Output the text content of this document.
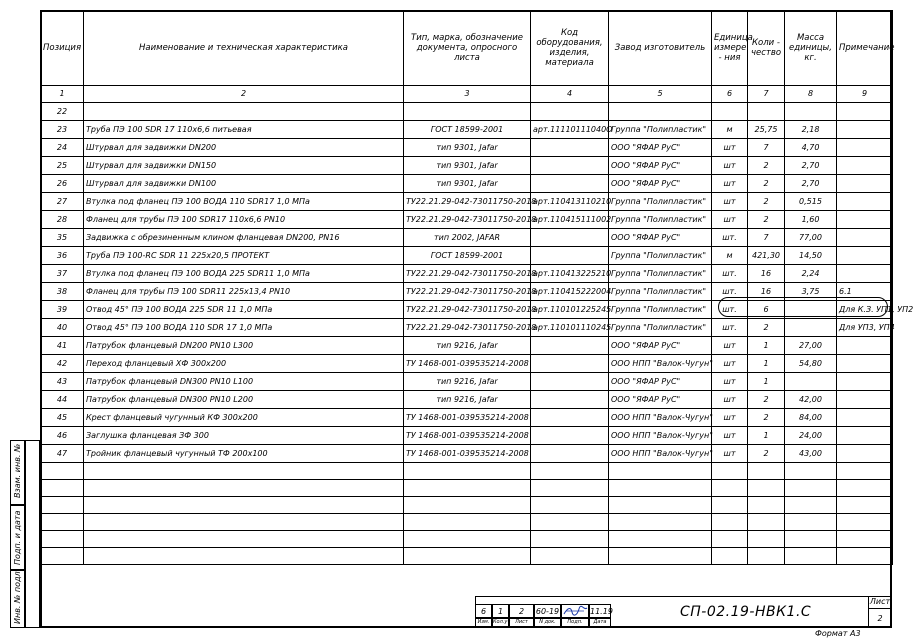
Позиция	Наименование и техническая характеристика	Тип, марка, обозначение документа, опросного листа	Код оборудования, изделия, материала	Завод изготовитель	Единица измере - ния	Коли - чество	Масса единицы, кг.	Примечание
1	2	3	4	5	6	7	8	9
22								
23	Труба ПЭ 100 SDR 17 110х6,6 питьевая	ГОСТ 18599-2001	арт.11110111040О	Группа "Полипластик"	м	25,75	2,18	
24	Штурвал для задвижки DN200	тип 9301, Jafar		ООО "ЯФАР РуС"	шт	7	4,70	
25	Штурвал для задвижки DN150	тип 9301, Jafar		ООО "ЯФАР РуС"	шт	2	2,70	
26	Штурвал для задвижки DN100	тип 9301, Jafar		ООО "ЯФАР РуС"	шт	2	2,70	
27	Втулка под фланец ПЭ 100 ВОДА 110 SDR17 1,0 МПа	ТУ22.21.29-042-73011750-2018	арт.110413110210	Группа "Полипластик"	шт	2	0,515	
28	Фланец для трубы ПЭ 100 SDR17 110х6,6 PN10	ТУ22.21.29-042-73011750-2018	арт.110415111002	Группа "Полипластик"	шт	2	1,60	
35	Задвижка с обрезиненным клином фланцевая DN200, PN16	тип 2002, JAFAR		ООО "ЯФАР РуС"	шт.	7	77,00	
36	Труба ПЭ 100-RC SDR 11 225х20,5 ПРОТЕКТ	ГОСТ 18599-2001		Группа "Полипластик"	м	421,30	14,50	
37	Втулка под фланец ПЭ 100 ВОДА 225 SDR11 1,0 МПа	ТУ22.21.29-042-73011750-2018	арт.110413225210	Группа "Полипластик"	шт.	16	2,24	
38	Фланец для трубы ПЭ 100 SDR11 225х13,4 PN10	ТУ22.21.29-042-73011750-2018	арт.110415222004	Группа "Полипластик"	шт.	16	3,75	6.1
39	Отвод 45° ПЭ 100 ВОДА 225 SDR 11 1,0 МПа	ТУ22.21.29-042-73011750-2018	арт.110101225245	Группа "Полипластик"	шт.	6		Для К.З. УП1, УП2
40	Отвод 45° ПЭ 100 ВОДА 110 SDR 17 1,0 МПа	ТУ22.21.29-042-73011750-2018	арт.110101110245	Группа "Полипластик"	шт.	2		Для УП3, УП4
41	Патрубок фланцевый DN200 PN10 L300	тип 9216, Jafar		ООО "ЯФАР РуС"	шт	1	27,00	
42	Переход фланцевый ХФ 300х200	ТУ 1468-001-039535214-2008		ООО НПП "Валок-Чугун"	шт	1	54,80	
43	Патрубок фланцевый DN300 PN10 L100	тип 9216, Jafar		ООО "ЯФАР РуС"	шт	1		
44	Патрубок фланцевый DN300 PN10 L200	тип 9216, Jafar		ООО "ЯФАР РуС"	шт	2	42,00	
45	Крест фланцевый чугунный КФ 300х200	ТУ 1468-001-039535214-2008		ООО НПП "Валок-Чугун"	шт	2	84,00	
46	Заглушка фланцевая ЗФ 300	ТУ 1468-001-039535214-2008		ООО НПП "Валок-Чугун"	шт	1	24,00	
47	Тройник фланцевый чугунный ТФ 200х100	ТУ 1468-001-039535214-2008		ООО НПП "Валок-Чугун"	шт	2	43,00	

Взам. инв. №
Подп. и дата
Инв. № подл.	6	1	2	60-19	11.19
Изм. Кол.уч Лист	N док.	Подп.	Дата
Лист
2
СП-02.19-НВК1.С
Формат А3
